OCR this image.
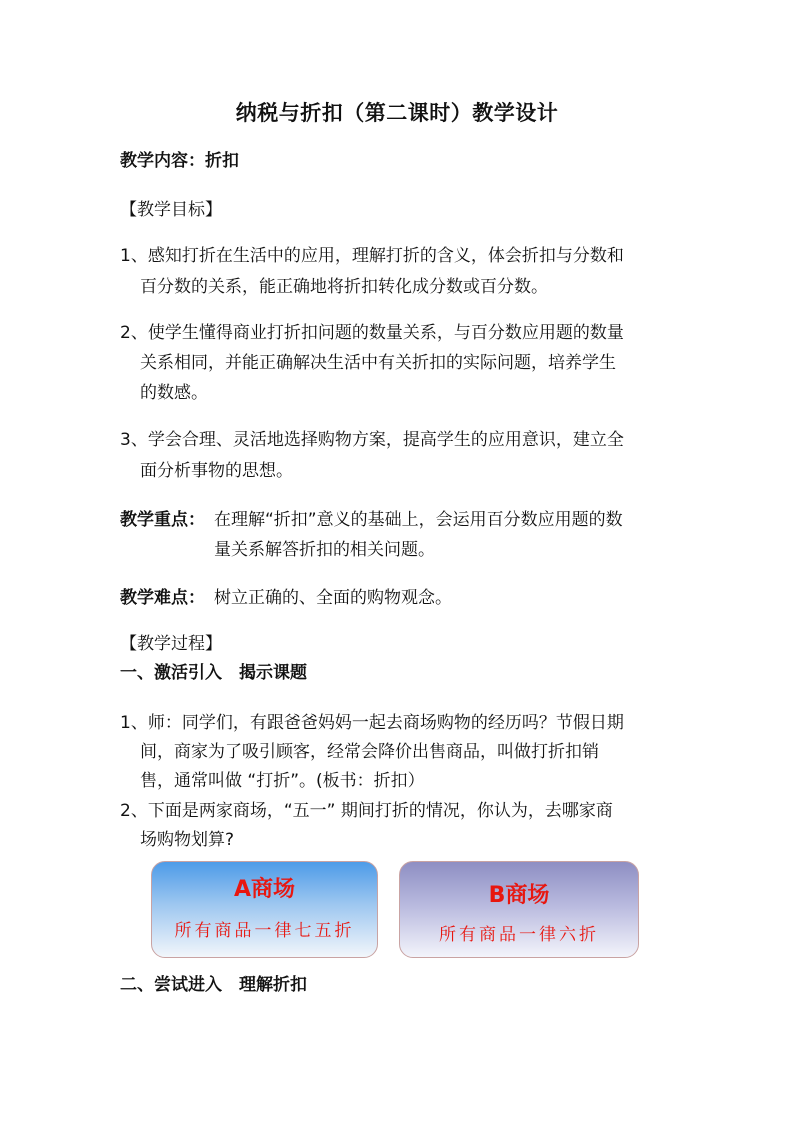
纳税与折扣（第二课时）教学设计
教学内容：折扣
【教学目标】
1、感知打折在生活中的应用，理解打折的含义，体会折扣与分数和
百分数的关系，能正确地将折扣转化成分数或百分数。
2、使学生懂得商业打折扣问题的数量关系，与百分数应用题的数量
关系相同，并能正确解决生活中有关折扣的实际问题，培养学生
的数感。
3、学会合理、灵活地选择购物方案，提高学生的应用意识，建立全
面分析事物的思想。
教学重点： 在理解“折扣”意义的基础上，会运用百分数应用题的数
量关系解答折扣的相关问题。
教学难点： 树立正确的、全面的购物观念。
【教学过程】
一、激活引入　揭示课题
1、师：同学们，有跟爸爸妈妈一起去商场购物的经历吗？节假日期
间，商家为了吸引顾客，经常会降价出售商品，叫做打折扣销
售，通常叫做 “打折”。(板书：折扣）
2、下面是两家商场，“五一” 期间打折的情况，你认为，去哪家商
场购物划算?
A商场
所有商品一律七五折
B商场
所有商品一律六折
二、尝试进入　理解折扣
